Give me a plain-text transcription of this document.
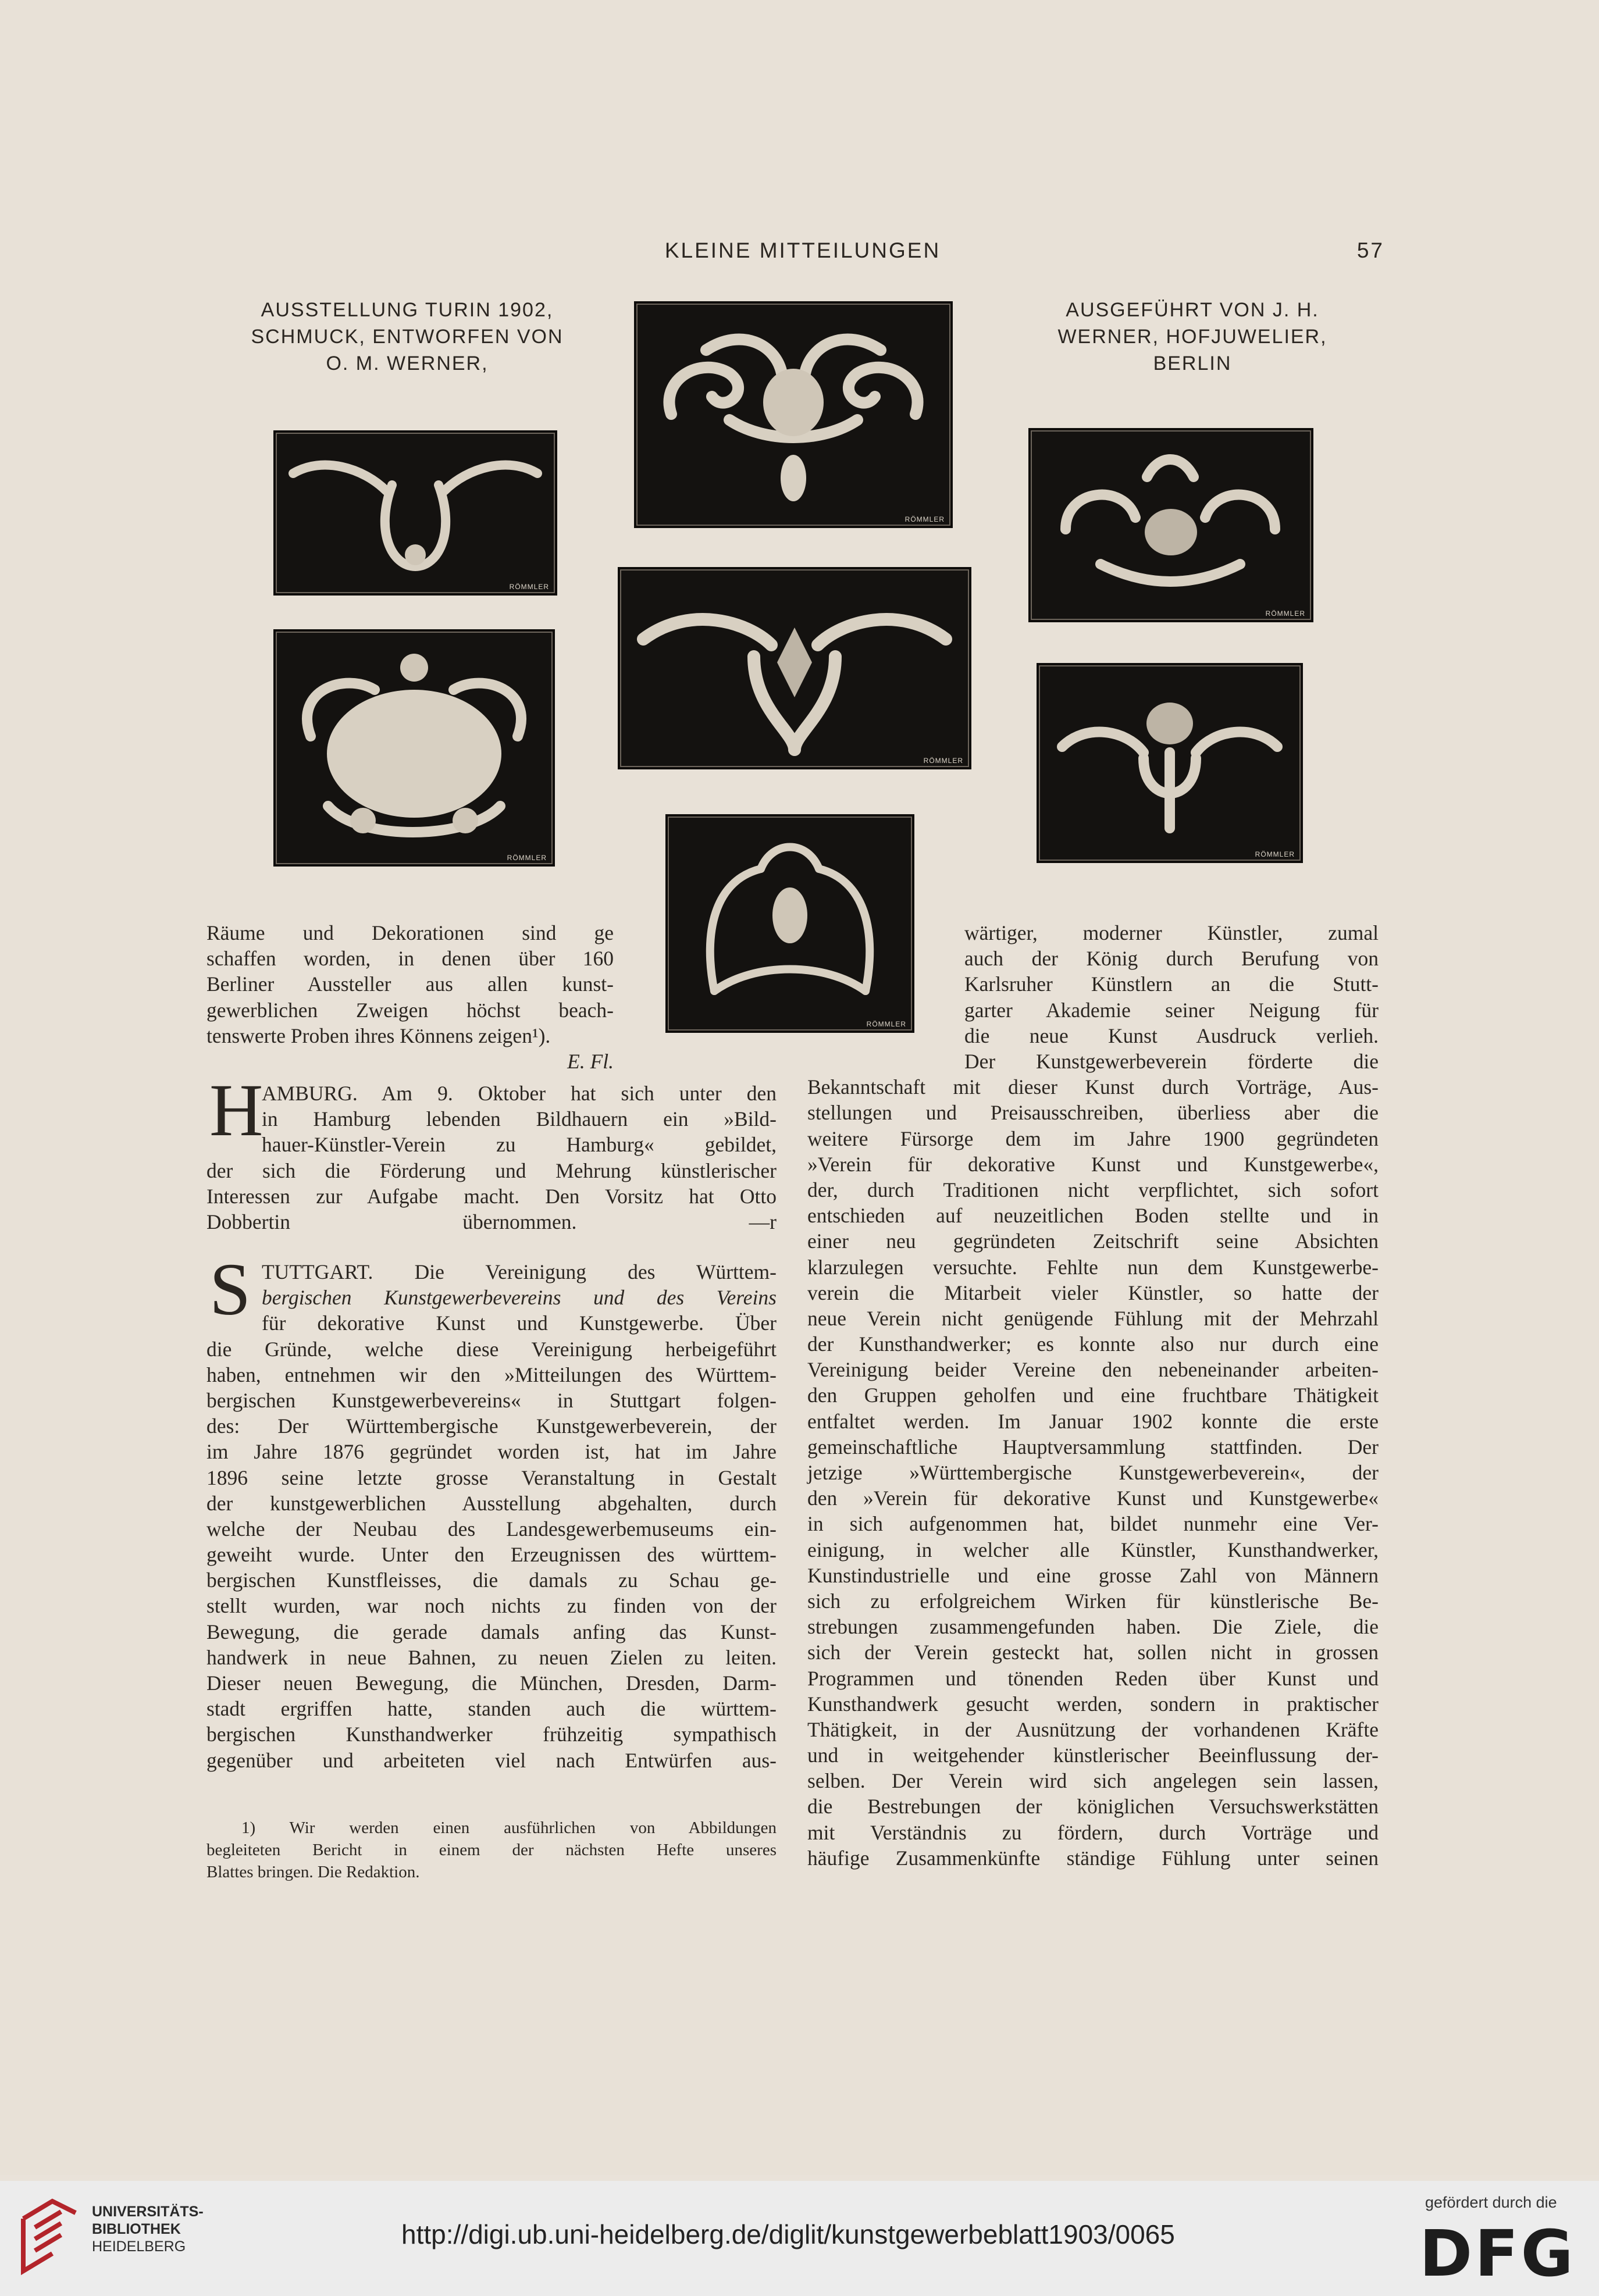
KLEINE MITTEILUNGEN	57
AUSSTELLUNG TURIN 1902,
SCHMUCK, ENTWORFEN VON
O. M. WERNER,
AUSGEFÜHRT VON J. H.
WERNER, HOFJUWELIER,
BERLIN
RÖMMLER
RÖMMLER
RÖMMLER
RÖMMLER
RÖMMLER	RÖMMLER
RÖMMLER
Räume und Dekorationen sind ge
schaffen worden, in denen über 160
Berliner Aussteller aus allen kunst-
gewerblichen Zweigen höchst beach-
tenswerte Proben ihres Könnens zeigen¹).
E. Fl.
H
AMBURG. Am 9. Oktober hat sich unter den
in Hamburg lebenden Bildhauern ein »Bild-
hauer-Künstler-Verein zu Hamburg« gebildet,
der sich die Förderung und Mehrung künstlerischer
Interessen zur Aufgabe macht. Den Vorsitz hat Otto
Dobbertin übernommen. —r
S TUTTGART. Die Vereinigung des Württem-
bergischen Kunstgewerbevereins und des Vereins
für dekorative Kunst und Kunstgewerbe. Über
die Gründe, welche diese Vereinigung herbeigeführt
haben, entnehmen wir den »Mitteilungen des Württem-
bergischen Kunstgewerbevereins« in Stuttgart folgen-
des: Der Württembergische Kunstgewerbeverein, der
im Jahre 1876 gegründet worden ist, hat im Jahre
1896 seine letzte grosse Veranstaltung in Gestalt
der kunstgewerblichen Ausstellung abgehalten, durch
welche der Neubau des Landesgewerbemuseums ein-
geweiht wurde. Unter den Erzeugnissen des württem-
bergischen Kunstfleisses, die damals zu Schau ge-
stellt wurden, war noch nichts zu finden von der
Bewegung, die gerade damals anfing das Kunst-
handwerk in neue Bahnen, zu neuen Zielen zu leiten.
Dieser neuen Bewegung, die München, Dresden, Darm-
stadt ergriffen hatte, standen auch die württem-
bergischen Kunsthandwerker frühzeitig sympathisch
gegenüber und arbeiteten viel nach Entwürfen aus-
1) Wir werden einen ausführlichen von Abbildungen
begleiteten Bericht in einem der nächsten Hefte unseres
Blattes bringen. Die Redaktion.
wärtiger, moderner Künstler, zumal
auch der König durch Berufung von
Karlsruher Künstlern an die Stutt-
garter Akademie seiner Neigung für
die neue Kunst Ausdruck verlieh.
Der Kunstgewerbeverein förderte die
Bekanntschaft mit dieser Kunst durch Vorträge, Aus-
stellungen und Preisausschreiben, überliess aber die
weitere Fürsorge dem im Jahre 1900 gegründeten
»Verein für dekorative Kunst und Kunstgewerbe«,
der, durch Traditionen nicht verpflichtet, sich sofort
entschieden auf neuzeitlichen Boden stellte und in
einer neu gegründeten Zeitschrift seine Absichten
klarzulegen versuchte. Fehlte nun dem Kunstgewerbe-
verein die Mitarbeit vieler Künstler, so hatte der
neue Verein nicht genügende Fühlung mit der Mehrzahl
der Kunsthandwerker; es konnte also nur durch eine
Vereinigung beider Vereine den nebeneinander arbeiten-
den Gruppen geholfen und eine fruchtbare Thätigkeit
entfaltet werden. Im Januar 1902 konnte die erste
gemeinschaftliche Hauptversammlung stattfinden. Der
jetzige »Württembergische Kunstgewerbeverein«, der
den »Verein für dekorative Kunst und Kunstgewerbe«
in sich aufgenommen hat, bildet nunmehr eine Ver-
einigung, in welcher alle Künstler, Kunsthandwerker,
Kunstindustrielle und eine grosse Zahl von Männern
sich zu erfolgreichem Wirken für künstlerische Be-
strebungen zusammengefunden haben. Die Ziele, die
sich der Verein gesteckt hat, sollen nicht in grossen
Programmen und tönenden Reden über Kunst und
Kunsthandwerk gesucht werden, sondern in praktischer
Thätigkeit, in der Ausnützung der vorhandenen Kräfte
und in weitgehender künstlerischer Beeinflussung der-
selben. Der Verein wird sich angelegen sein lassen,
die Bestrebungen der königlichen Versuchswerkstätten
mit Verständnis zu fördern, durch Vorträge und
häufige Zusammenkünfte ständige Fühlung unter seinen
UNIVERSITÄTS-
BIBLIOTHEK
HEIDELBERG	http://digi.ub.uni-heidelberg.de/diglit/kunstgewerbeblatt1903/0065
gefördert durch die
DFG
